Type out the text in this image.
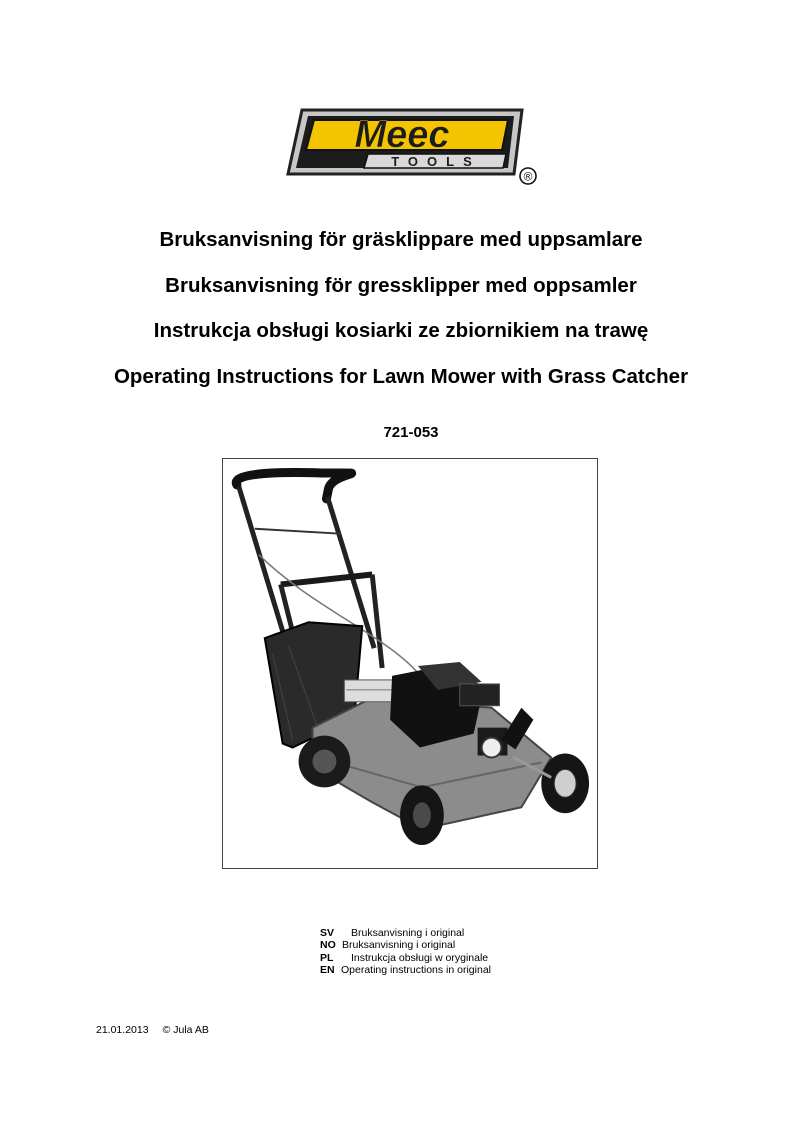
Meec
TOOLS
®

Bruksanvisning för gräsklippare med uppsamlare

Bruksanvisning för gressklipper med oppsamler

Instrukcja obsługi kosiarki ze zbiornikiem na trawę

Operating Instructions for Lawn Mower with Grass Catcher

721-053
SV Bruksanvisning i original
NO Bruksanvisning i original
PL Instrukcja obsługi w oryginale
EN Operating instructions in original
21.01.2013 © Jula AB
